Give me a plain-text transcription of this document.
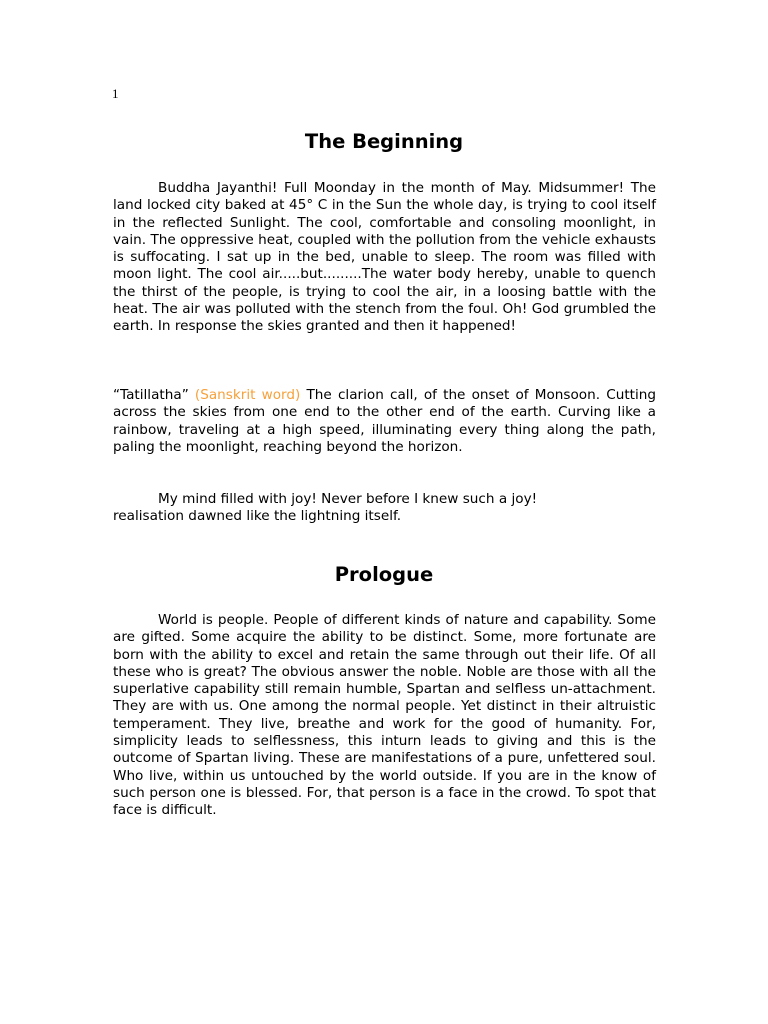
1
The Beginning

Buddha Jayanthi! Full Moonday in the month of May. Midsummer! The land locked city baked at 45° C in the Sun the whole day, is trying to cool itself in the reflected Sunlight. The cool, comfortable and consoling moonlight, in vain. The oppressive heat, coupled with the pollution from the vehicle exhausts is suffocating. I sat up in the bed, unable to sleep. The room was filled with moon light. The cool air.....but.........The water body hereby, unable to quench the thirst of the people, is trying to cool the air, in a loosing battle with the heat. The air was polluted with the stench from the foul. Oh! God grumbled the earth. In response the skies granted and then it happened!

“Tatillatha” (Sanskrit word) The clarion call, of the onset of Monsoon. Cutting across the skies from one end to the other end of the earth. Curving like a rainbow, traveling at a high speed, illuminating every thing along the path, paling the moonlight, reaching beyond the horizon.

My mind filled with joy! Never before I knew such a joy!
realisation dawned like the lightning itself.

Prologue

World is people. People of different kinds of nature and capability. Some are gifted. Some acquire the ability to be distinct. Some, more fortunate are born with the ability to excel and retain the same through out their life. Of all these who is great? The obvious answer the noble. Noble are those with all the superlative capability still remain humble, Spartan and selfless un-attachment. They are with us. One among the normal people. Yet distinct in their altruistic temperament. They live, breathe and work for the good of humanity. For, simplicity leads to selflessness, this inturn leads to giving and this is the outcome of Spartan living. These are manifestations of a pure, unfettered soul. Who live, within us untouched by the world outside. If you are in the know of such person one is blessed. For, that person is a face in the crowd. To spot that face is difficult.
